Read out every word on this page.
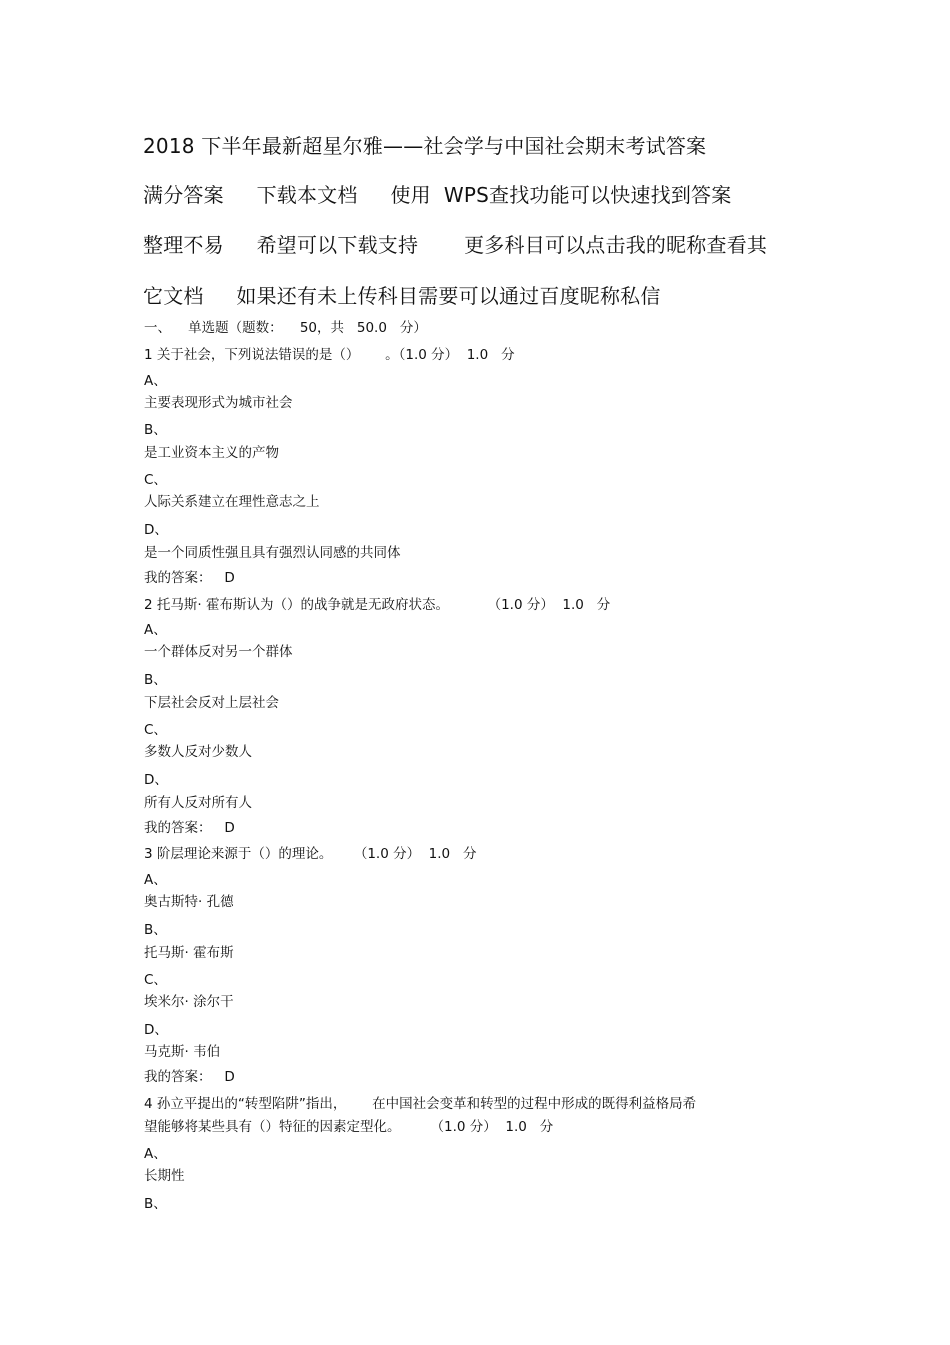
2018 下半年最新超星尔雅——社会学与中国社会期末考试答案
满分答案     下载本文档     使用  WPS查找功能可以快速找到答案
整理不易     希望可以下载支持       更多科目可以点击我的昵称查看其
它文档     如果还有未上传科目需要可以通过百度昵称私信
一、    单选题（题数：    50，共   50.0   分）
1 关于社会，下列说法错误的是（）      。（1.0 分）  1.0   分
A、
主要表现形式为城市社会
B、
是工业资本主义的产物
C、
人际关系建立在理性意志之上
D、
是一个同质性强且具有强烈认同感的共同体
我的答案：   D
2 托马斯· 霍布斯认为（）的战争就是无政府状态。         （1.0 分）  1.0   分
A、
一个群体反对另一个群体
B、
下层社会反对上层社会
C、
多数人反对少数人
D、
所有人反对所有人
我的答案：   D
3 阶层理论来源于（）的理论。     （1.0 分）  1.0   分
A、
奥古斯特· 孔德
B、
托马斯· 霍布斯
C、
埃米尔· 涂尔干
D、
马克斯· 韦伯
我的答案：   D
4 孙立平提出的“转型陷阱”指出，      在中国社会变革和转型的过程中形成的既得利益格局希
望能够将某些具有（）特征的因素定型化。       （1.0 分）  1.0   分
A、
长期性
B、
